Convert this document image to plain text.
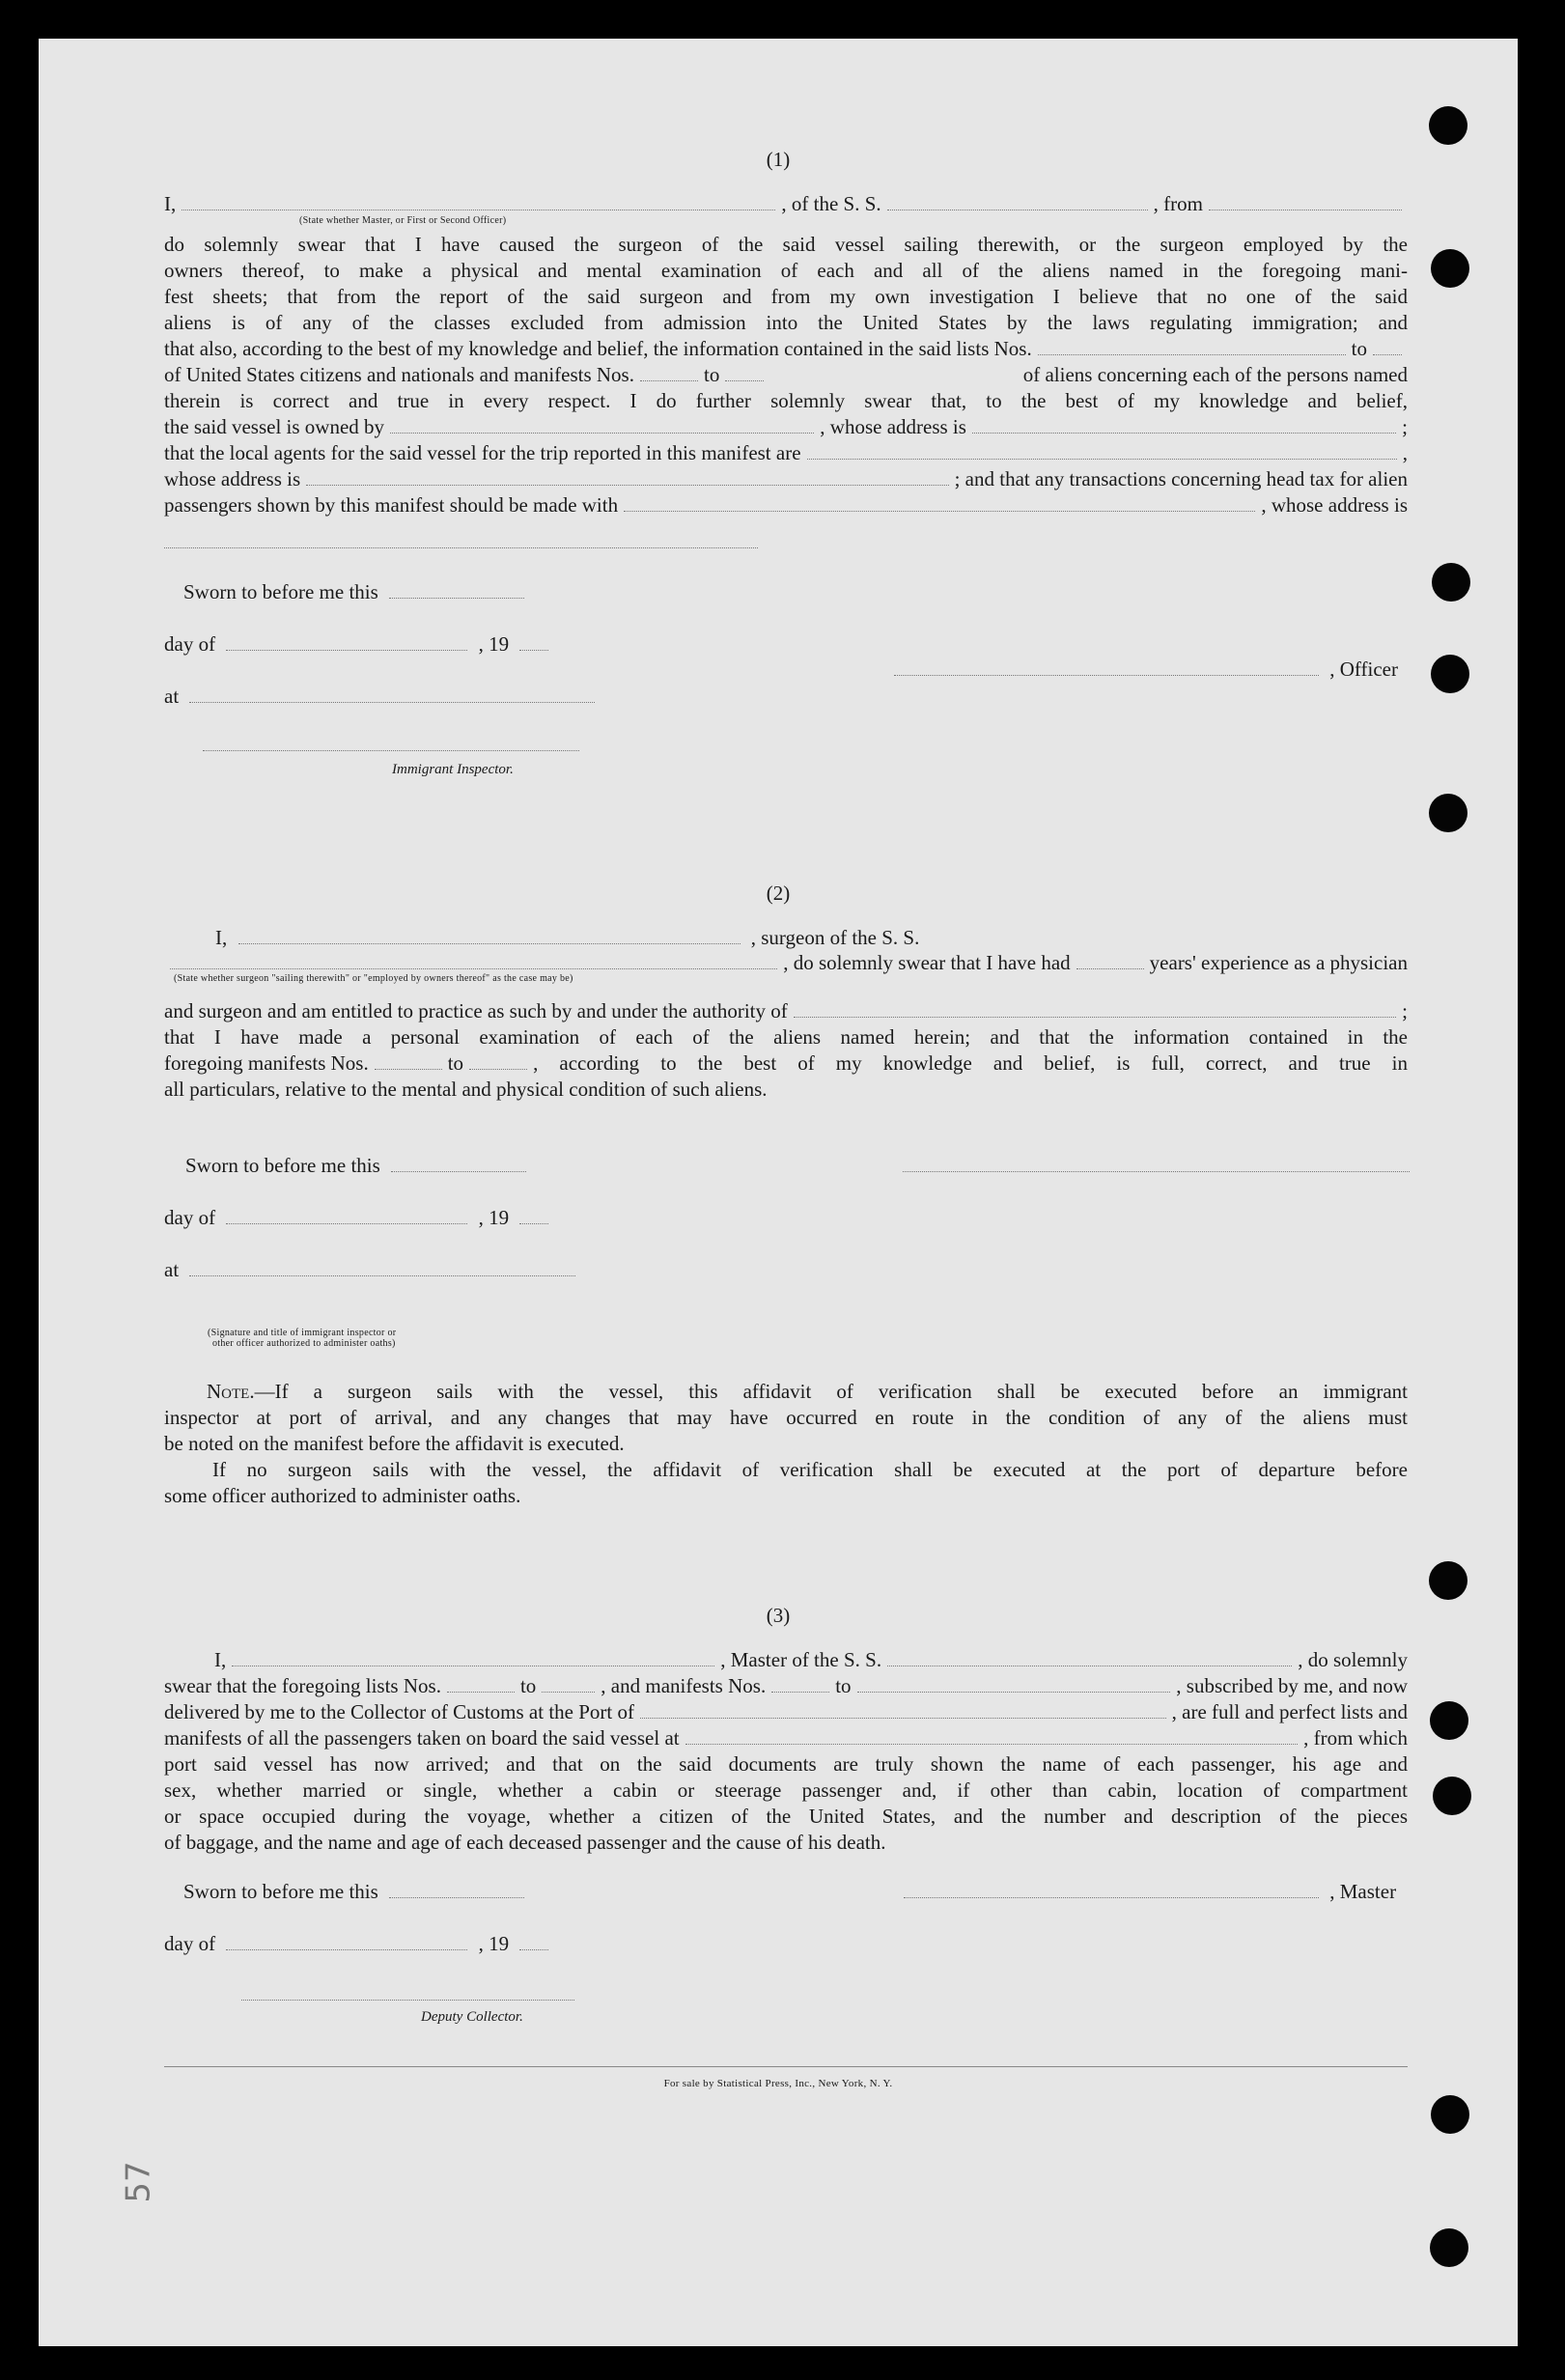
(1)
I,	, of the S. S.	, from
(State whether Master, or First or Second Officer)
do solemnly swear that I have caused the surgeon of the said vessel sailing therewith, or the surgeon employed by the
owners thereof, to make a physical and mental examination of each and all of the aliens named in the foregoing mani-
fest sheets; that from the report of the said surgeon and from my own investigation I believe that no one of the said
aliens is of any of the classes excluded from admission into the United States by the laws regulating immigration; and
that also, according to the best of my knowledge and belief, the information contained in the said lists Nos.	to
of United States citizens and nationals and manifests Nos.	to	of aliens concerning each of the persons named
therein is correct and true in every respect. I do further solemnly swear that, to the best of my knowledge and belief,
the said vessel is owned by	, whose address is	;
that the local agents for the said vessel for the trip reported in this manifest are	,
whose address is	; and that any transactions concerning head tax for alien
passengers shown by this manifest should be made with	, whose address is
Sworn to before me this
day of	, 19
, Officer
at
Immigrant Inspector.
(2)
I,	, surgeon of the S. S.
, do solemnly swear that I have had	years' experience as a physician
(State whether surgeon "sailing therewith" or "employed by owners thereof" as the case may be)
and surgeon and am entitled to practice as such by and under the authority of	;
that I have made a personal examination of each of the aliens named herein; and that the information contained in the
foregoing manifests Nos.	to	, according to the best of my knowledge and belief, is full, correct, and true in
all particulars, relative to the mental and physical condition of such aliens.
Sworn to before me this
day of	, 19
at
(Signature and title of immigrant inspector or
other officer authorized to administer oaths)
Note. —If a surgeon sails with the vessel, this affidavit of verification shall be executed before an immigrant
inspector at port of arrival, and any changes that may have occurred en route in the condition of any of the aliens must
be noted on the manifest before the affidavit is executed.
If no surgeon sails with the vessel, the affidavit of verification shall be executed at the port of departure before
some officer authorized to administer oaths.
(3)
I,	, Master of the S. S.	, do solemnly
swear that the foregoing lists Nos.	to	, and manifests Nos.	to	, subscribed by me, and now
delivered by me to the Collector of Customs at the Port of	, are full and perfect lists and
manifests of all the passengers taken on board the said vessel at	, from which
port said vessel has now arrived; and that on the said documents are truly shown the name of each passenger, his age and
sex, whether married or single, whether a cabin or steerage passenger and, if other than cabin, location of compartment
or space occupied during the voyage, whether a citizen of the United States, and the number and description of the pieces
of baggage, and the name and age of each deceased passenger and the cause of his death.
Sworn to before me this	, Master
day of	, 19
Deputy Collector.
For sale by Statistical Press, Inc., New York, N. Y.
57
